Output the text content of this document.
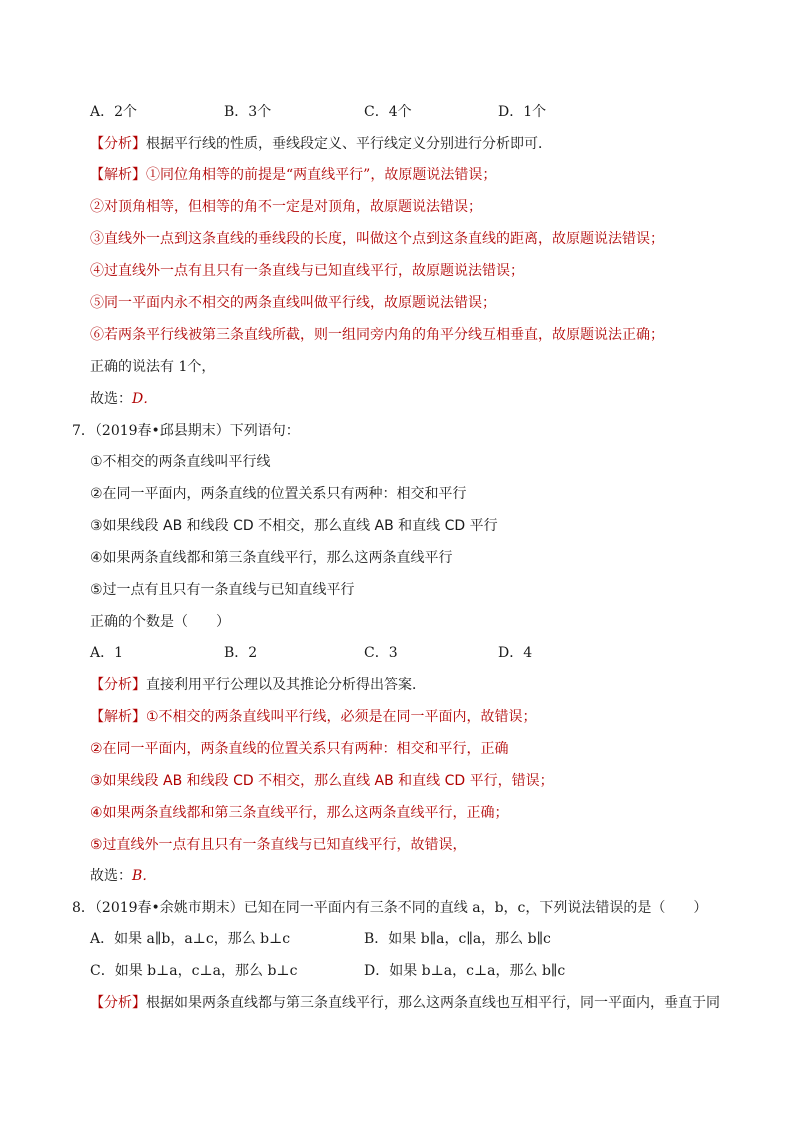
A．2个	B．3个	C．4个	D．1个
【分析】根据平行线的性质，垂线段定义、平行线定义分别进行分析即可．
【解析】①同位角相等的前提是“两直线平行”，故原题说法错误；
②对顶角相等，但相等的角不一定是对顶角，故原题说法错误；
③直线外一点到这条直线的垂线段的长度，叫做这个点到这条直线的距离，故原题说法错误；
④过直线外一点有且只有一条直线与已知直线平行，故原题说法错误；
⑤同一平面内永不相交的两条直线叫做平行线，故原题说法错误；
⑥若两条平行线被第三条直线所截，则一组同旁内角的角平分线互相垂直，故原题说法正确；
正确的说法有 1个，
故选：D．
7．（2019春•邱县期末）下列语句：
①不相交的两条直线叫平行线
②在同一平面内，两条直线的位置关系只有两种：相交和平行
③如果线段 AB 和线段 CD 不相交，那么直线 AB 和直线 CD 平行
④如果两条直线都和第三条直线平行，那么这两条直线平行
⑤过一点有且只有一条直线与已知直线平行
正确的个数是（　　）
A．1	B．2	C．3	D．4
【分析】直接利用平行公理以及其推论分析得出答案．
【解析】①不相交的两条直线叫平行线，必须是在同一平面内，故错误；
②在同一平面内，两条直线的位置关系只有两种：相交和平行，正确
③如果线段 AB 和线段 CD 不相交，那么直线 AB 和直线 CD 平行，错误；
④如果两条直线都和第三条直线平行，那么这两条直线平行，正确；
⑤过直线外一点有且只有一条直线与已知直线平行，故错误，
故选：B．
8．（2019春•余姚市期末）已知在同一平面内有三条不同的直线 a，b，c，下列说法错误的是（　　）
A．如果 a∥b，a⊥c，那么 b⊥c	B．如果 b∥a，c∥a，那么 b∥c
C．如果 b⊥a，c⊥a，那么 b⊥c	D．如果 b⊥a，c⊥a，那么 b∥c
【分析】根据如果两条直线都与第三条直线平行，那么这两条直线也互相平行，同一平面内，垂直于同
